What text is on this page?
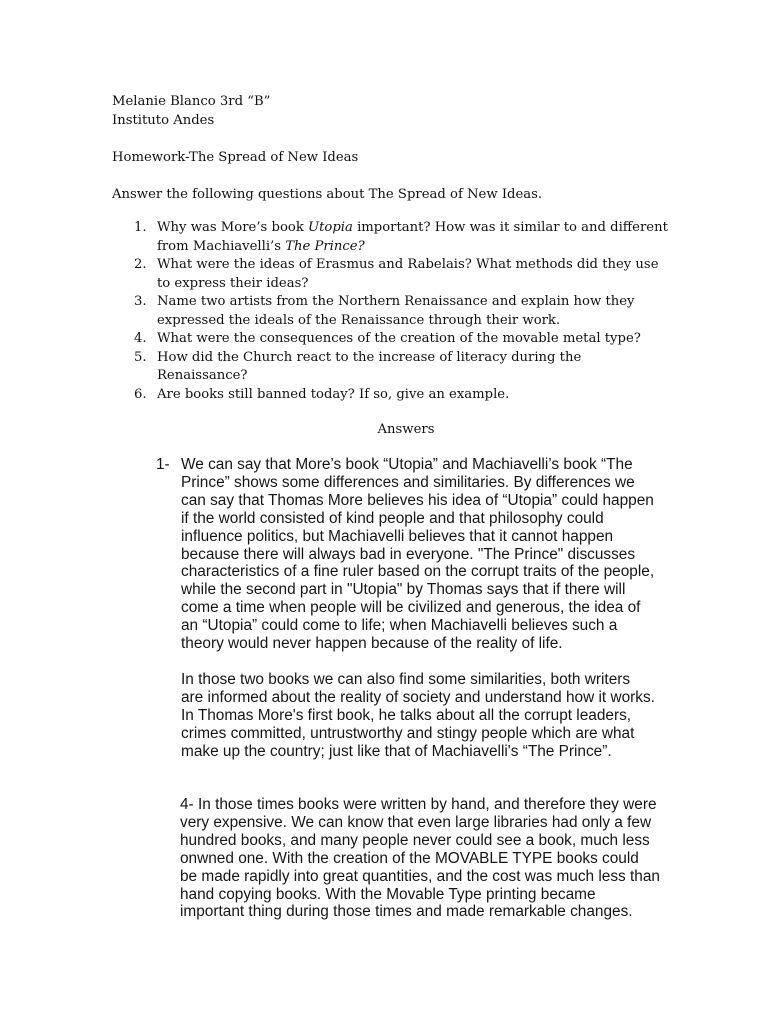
Melanie Blanco 3rd “B”

Instituto Andes

Homework-The Spread of New Ideas

Answer the following questions about The Spread of New Ideas.

1. Why was More’s book Utopia important? How was it similar to and different from Machiavelli’s The Prince?
2. What were the ideas of Erasmus and Rabelais? What methods did they use to express their ideas?
3. Name two artists from the Northern Renaissance and explain how they expressed the ideals of the Renaissance through their work.
4. What were the consequences of the creation of the movable metal type?
5. How did the Church react to the increase of literacy during the Renaissance?
6. Are books still banned today? If so, give an example.
Answers
1- We can say that More’s book “Utopia” and Machiavelli’s book “The Prince” shows some differences and similitaries. By differences we can say that Thomas More believes his idea of “Utopia” could happen if the world consisted of kind people and that philosophy could influence politics, but Machiavelli believes that it cannot happen because there will always bad in everyone. "The Prince" discusses characteristics of a fine ruler based on the corrupt traits of the people, while the second part in "Utopia" by Thomas says that if there will come a time when people will be civilized and generous, the idea of an “Utopia” could come to life; when Machiavelli believes such a theory would never happen because of the reality of life.

In those two books we can also find some similarities, both writers are informed about the reality of society and understand how it works. In Thomas More's first book, he talks about all the corrupt leaders, crimes committed, untrustworthy and stingy people which are what make up the country; just like that of Machiavelli's “The Prince”.

4- In those times books were written by hand, and therefore they were very expensive. We can know that even large libraries had only a few hundred books, and many people never could see a book, much less onwned one. With the creation of the MOVABLE TYPE books could be made rapidly into great quantities, and the cost was much less than hand copying books. With the Movable Type printing became important thing during those times and made remarkable changes.
